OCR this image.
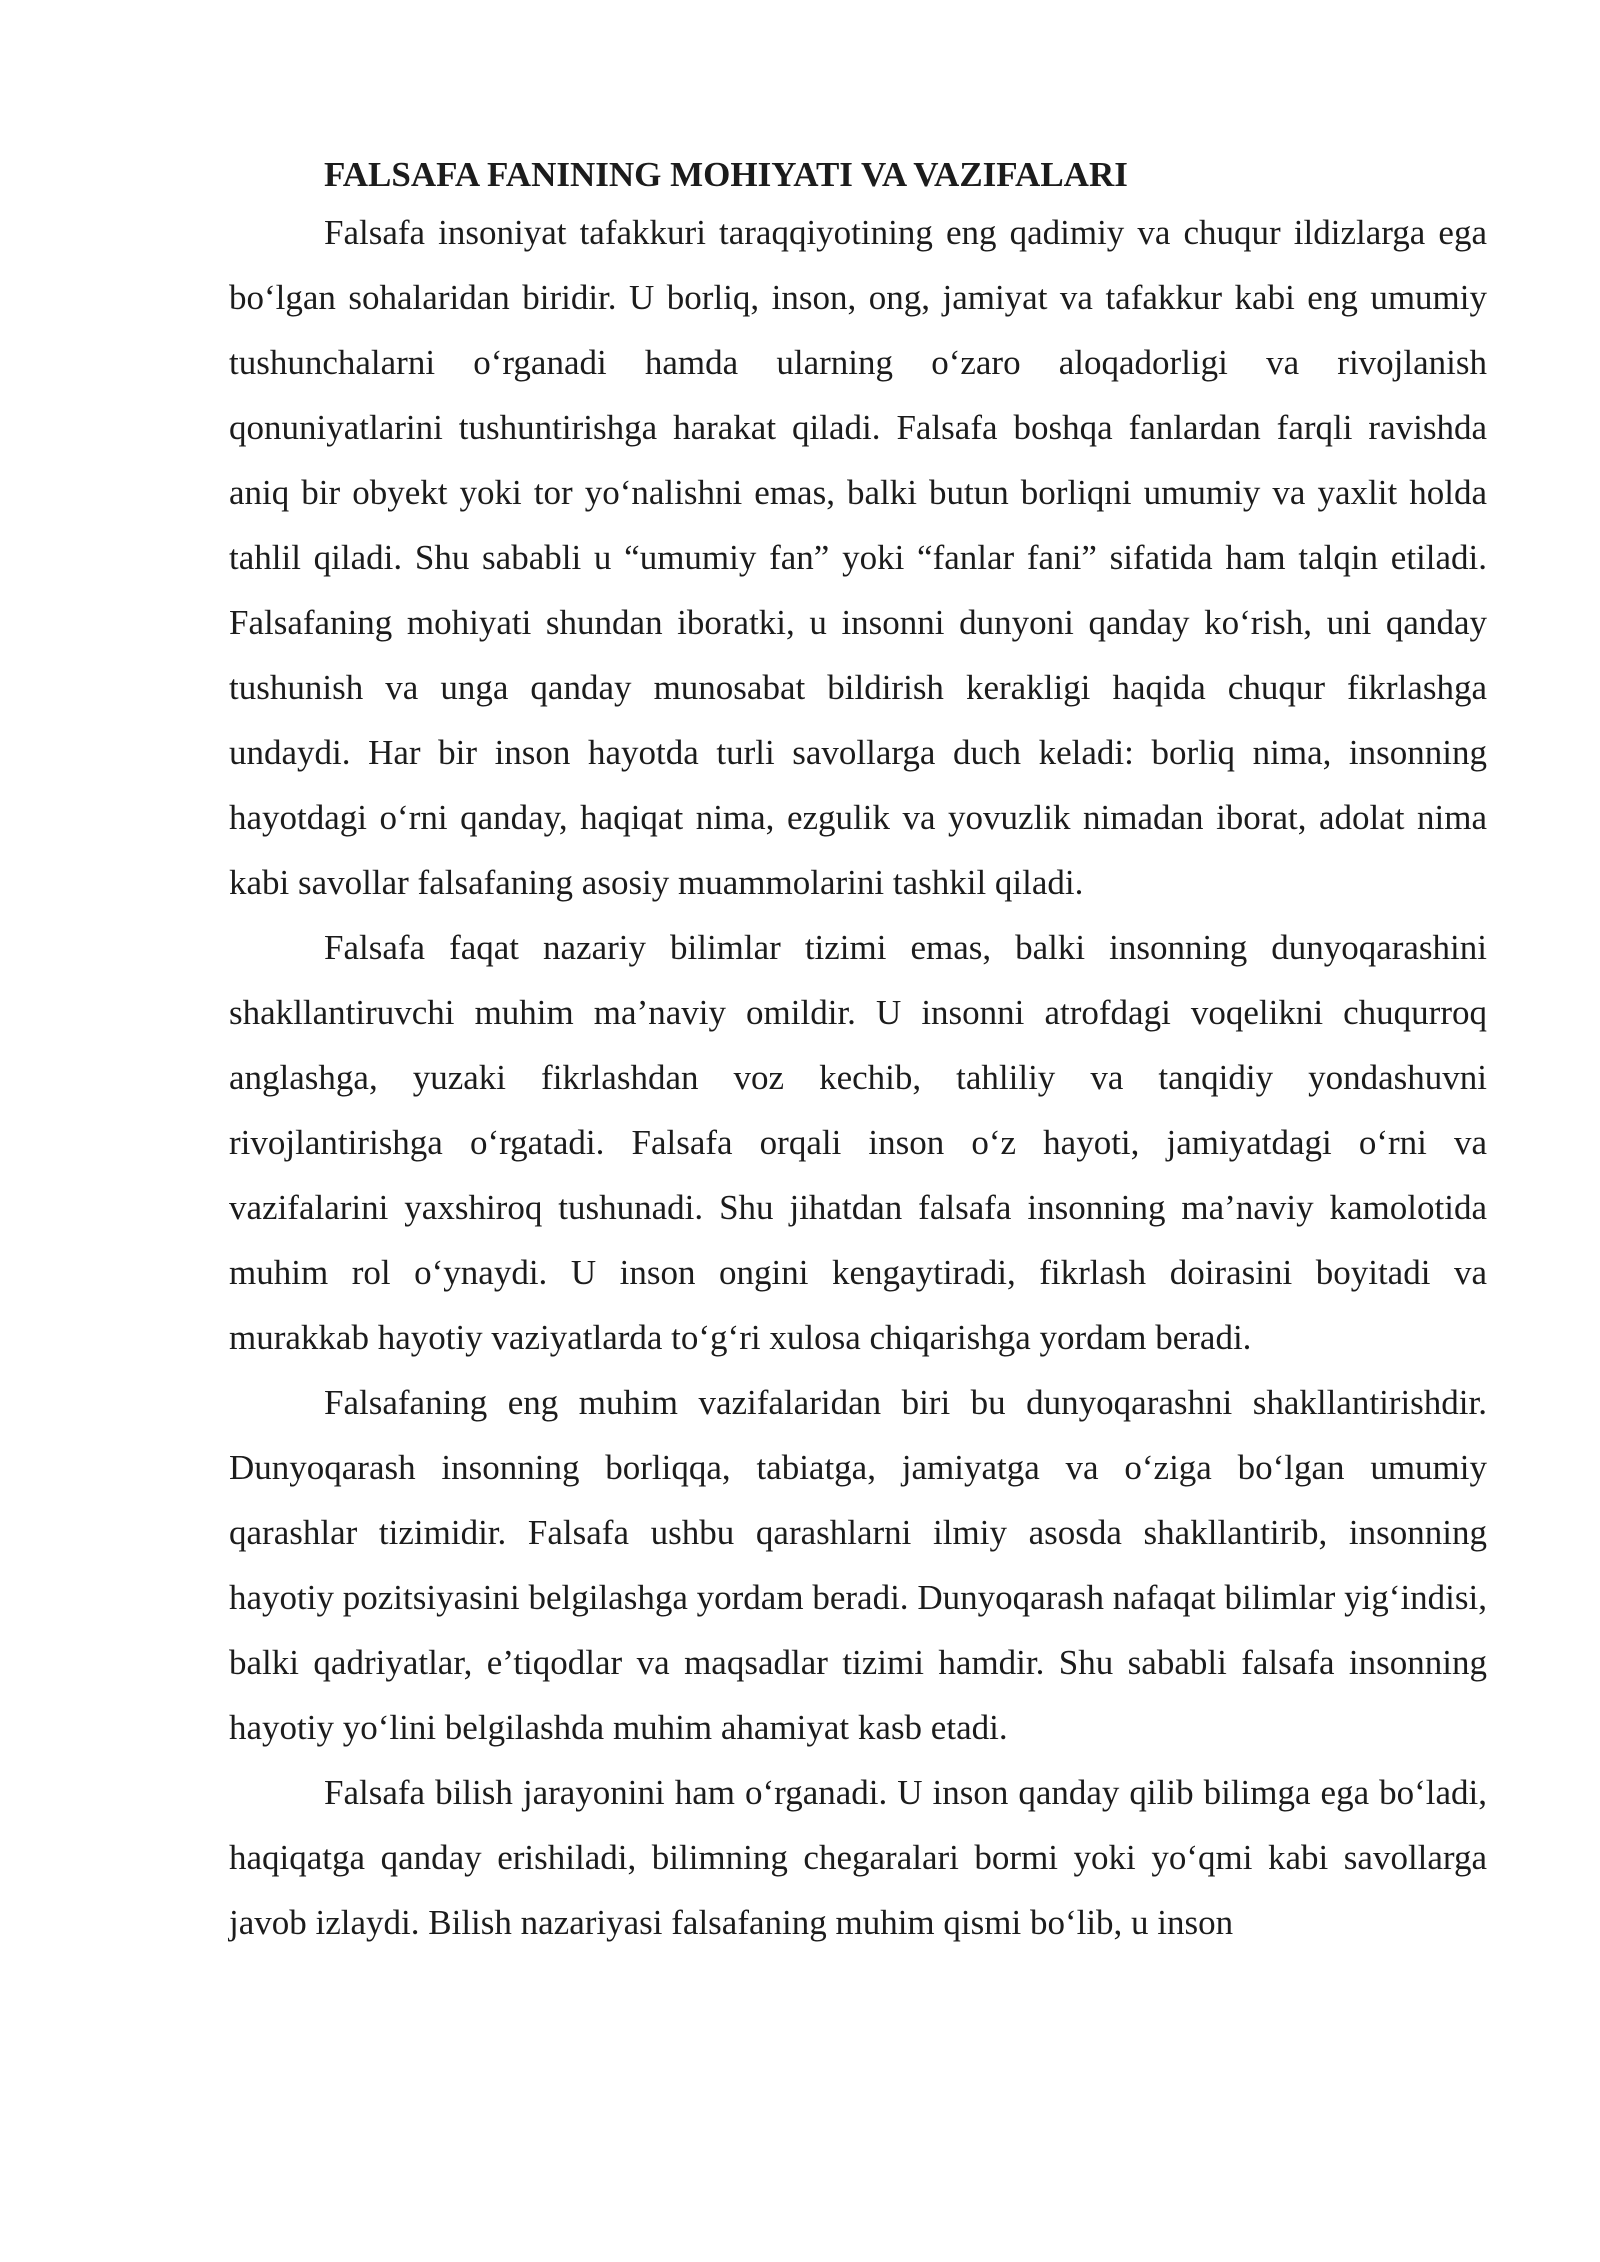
FALSAFA FANINING MOHIYATI VA VAZIFALARI

Falsafa insoniyat tafakkuri taraqqiyotining eng qadimiy va chuqur ildizlarga ega bo‘lgan sohalaridan biridir. U borliq, inson, ong, jamiyat va tafakkur kabi eng umumiy tushunchalarni o‘rganadi hamda ularning o‘zaro aloqadorligi va rivojlanish qonuniyatlarini tushuntirishga harakat qiladi. Falsafa boshqa fanlardan farqli ravishda aniq bir obyekt yoki tor yo‘nalishni emas, balki butun borliqni umumiy va yaxlit holda tahlil qiladi. Shu sababli u “umumiy fan” yoki “fanlar fani” sifatida ham talqin etiladi. Falsafaning mohiyati shundan iboratki, u insonni dunyoni qanday ko‘rish, uni qanday tushunish va unga qanday munosabat bildirish kerakligi haqida chuqur fikrlashga undaydi. Har bir inson hayotda turli savollarga duch keladi: borliq nima, insonning hayotdagi o‘rni qanday, haqiqat nima, ezgulik va yovuzlik nimadan iborat, adolat nima kabi savollar falsafaning asosiy muammolarini tashkil qiladi.

Falsafa faqat nazariy bilimlar tizimi emas, balki insonning dunyoqarashini shakllantiruvchi muhim ma’naviy omildir. U insonni atrofdagi voqelikni chuqurroq anglashga, yuzaki fikrlashdan voz kechib, tahliliy va tanqidiy yondashuvni rivojlantirishga o‘rgatadi. Falsafa orqali inson o‘z hayoti, jamiyatdagi o‘rni va vazifalarini yaxshiroq tushunadi. Shu jihatdan falsafa insonning ma’naviy kamolotida muhim rol o‘ynaydi. U inson ongini kengaytiradi, fikrlash doirasini boyitadi va murakkab hayotiy vaziyatlarda to‘g‘ri xulosa chiqarishga yordam beradi.

Falsafaning eng muhim vazifalaridan biri bu dunyoqarashni shakllantirishdir. Dunyoqarash insonning borliqqa, tabiatga, jamiyatga va o‘ziga bo‘lgan umumiy qarashlar tizimidir. Falsafa ushbu qarashlarni ilmiy asosda shakllantirib, insonning hayotiy pozitsiyasini belgilashga yordam beradi. Dunyoqarash nafaqat bilimlar yig‘indisi, balki qadriyatlar, e’tiqodlar va maqsadlar tizimi hamdir. Shu sababli falsafa insonning hayotiy yo‘lini belgilashda muhim ahamiyat kasb etadi.

Falsafa bilish jarayonini ham o‘rganadi. U inson qanday qilib bilimga ega bo‘ladi, haqiqatga qanday erishiladi, bilimning chegaralari bormi yoki yo‘qmi kabi savollarga javob izlaydi. Bilish nazariyasi falsafaning muhim qismi bo‘lib, u inson
